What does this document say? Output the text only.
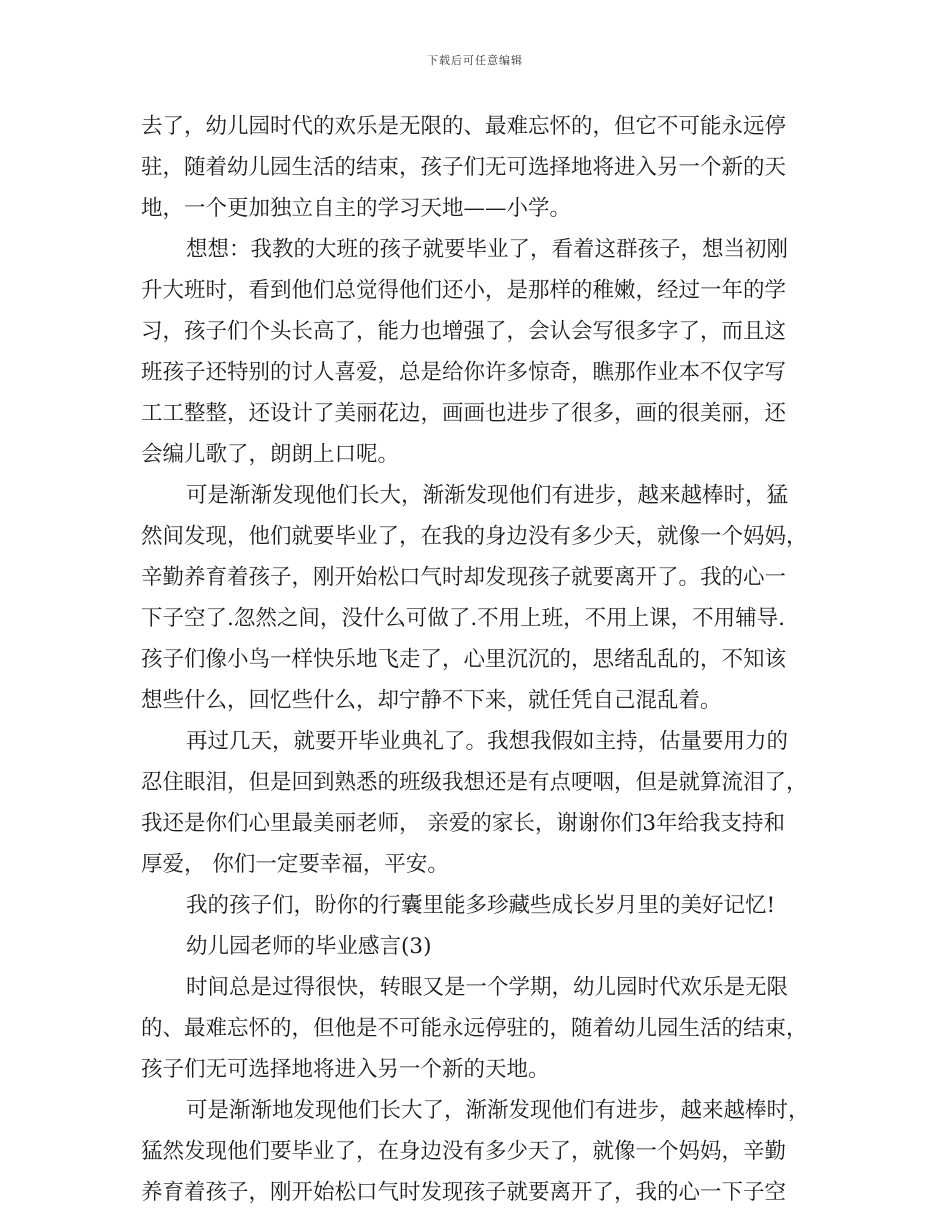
下载后可任意编辑
去了，幼儿园时代的欢乐是无限的、最难忘怀的，但它不可能永远停
驻，随着幼儿园生活的结束，孩子们无可选择地将进入另一个新的天
地，一个更加独立自主的学习天地——小学。
想想：我教的大班的孩子就要毕业了，看着这群孩子，想当初刚
升大班时，看到他们总觉得他们还小，是那样的稚嫩，经过一年的学
习，孩子们个头长高了，能力也增强了，会认会写很多字了，而且这
班孩子还特别的讨人喜爱，总是给你许多惊奇，瞧那作业本不仅字写
工工整整，还设计了美丽花边，画画也进步了很多，画的很美丽，还
会编儿歌了，朗朗上口呢。
可是渐渐发现他们长大，渐渐发现他们有进步，越来越棒时，猛
然间发现，他们就要毕业了，在我的身边没有多少天，就像一个妈妈，
辛勤养育着孩子，刚开始松口气时却发现孩子就要离开了。我的心一
下子空了.忽然之间，没什么可做了.不用上班，不用上课，不用辅导.
孩子们像小鸟一样快乐地飞走了，心里沉沉的，思绪乱乱的，不知该
想些什么，回忆些什么，却宁静不下来，就任凭自己混乱着。
再过几天，就要开毕业典礼了。我想我假如主持，估量要用力的
忍住眼泪，但是回到熟悉的班级我想还是有点哽咽，但是就算流泪了，
我还是你们心里最美丽老师， 亲爱的家长，谢谢你们3年给我支持和
厚爱， 你们一定要幸福，平安。
我的孩子们，盼你的行囊里能多珍藏些成长岁月里的美好记忆!
幼儿园老师的毕业感言(3)
时间总是过得很快，转眼又是一个学期，幼儿园时代欢乐是无限
的、最难忘怀的，但他是不可能永远停驻的，随着幼儿园生活的结束，
孩子们无可选择地将进入另一个新的天地。
可是渐渐地发现他们长大了，渐渐发现他们有进步，越来越棒时，
猛然发现他们要毕业了，在身边没有多少天了，就像一个妈妈，辛勤
养育着孩子，刚开始松口气时发现孩子就要离开了，我的心一下子空
